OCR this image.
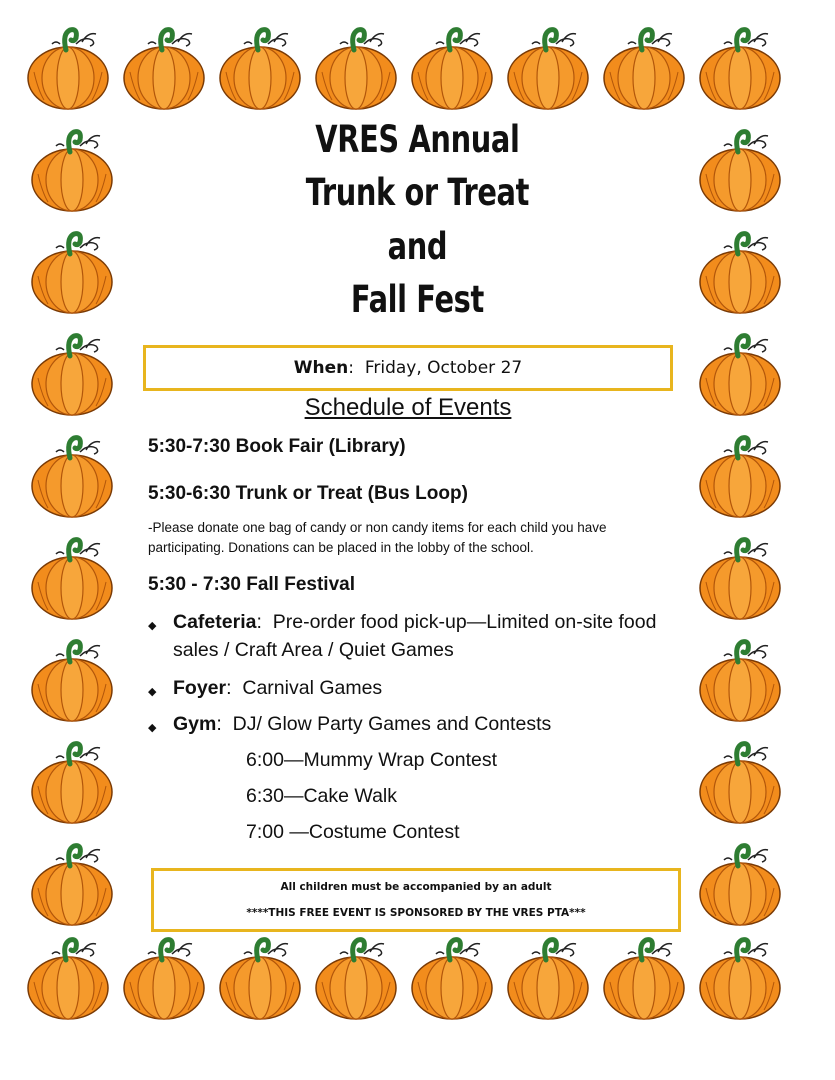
VRES Annual
Trunk or Treat
and
Fall Fest
When : Friday, October 27
Schedule of Events
5:30-7:30 Book Fair (Library)
5:30-6:30 Trunk or Treat (Bus Loop)
-Please donate one bag of candy or non candy items for each child you have participating. Donations can be placed in the lobby of the school.
5:30 - 7:30 Fall Festival
◆ Cafeteria:  Pre-order food pick-up—Limited on-site food sales / Craft Area / Quiet Games
◆ Foyer:  Carnival Games
◆ Gym:  DJ/ Glow Party Games and Contests
6:00—Mummy Wrap Contest
6:30—Cake Walk
7:00 —Costume Contest
All children must be accompanied by an adult
****THIS FREE EVENT IS SPONSORED BY THE VRES PTA***
